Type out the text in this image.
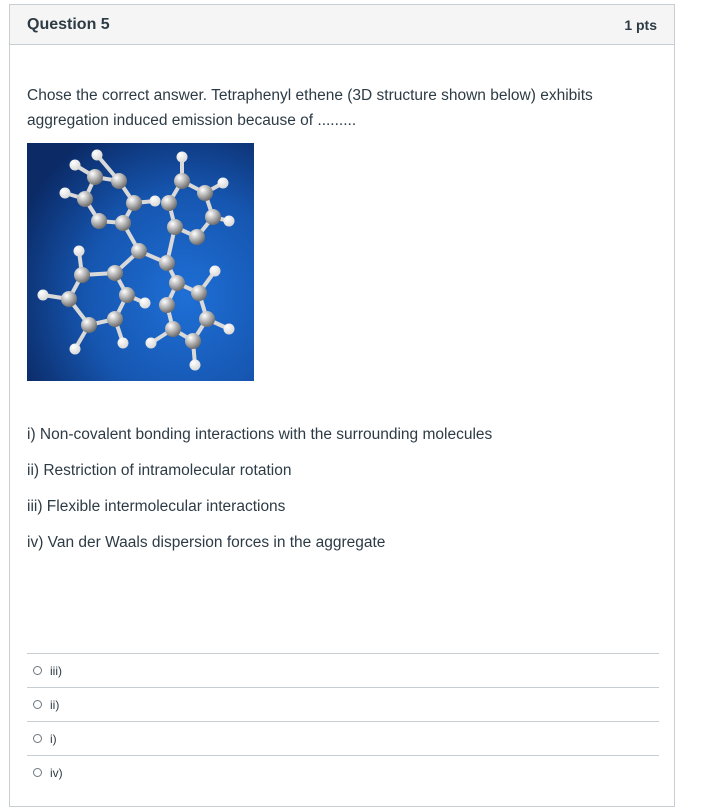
Question 5	1 pts
Chose the correct answer. Tetraphenyl ethene (3D structure shown below) exhibits aggregation induced emission because of .........
i) Non-covalent bonding interactions with the surrounding molecules
ii) Restriction of intramolecular rotation
iii) Flexible intermolecular interactions
iv) Van der Waals dispersion forces in the aggregate
iii)
ii)
i)
iv)
